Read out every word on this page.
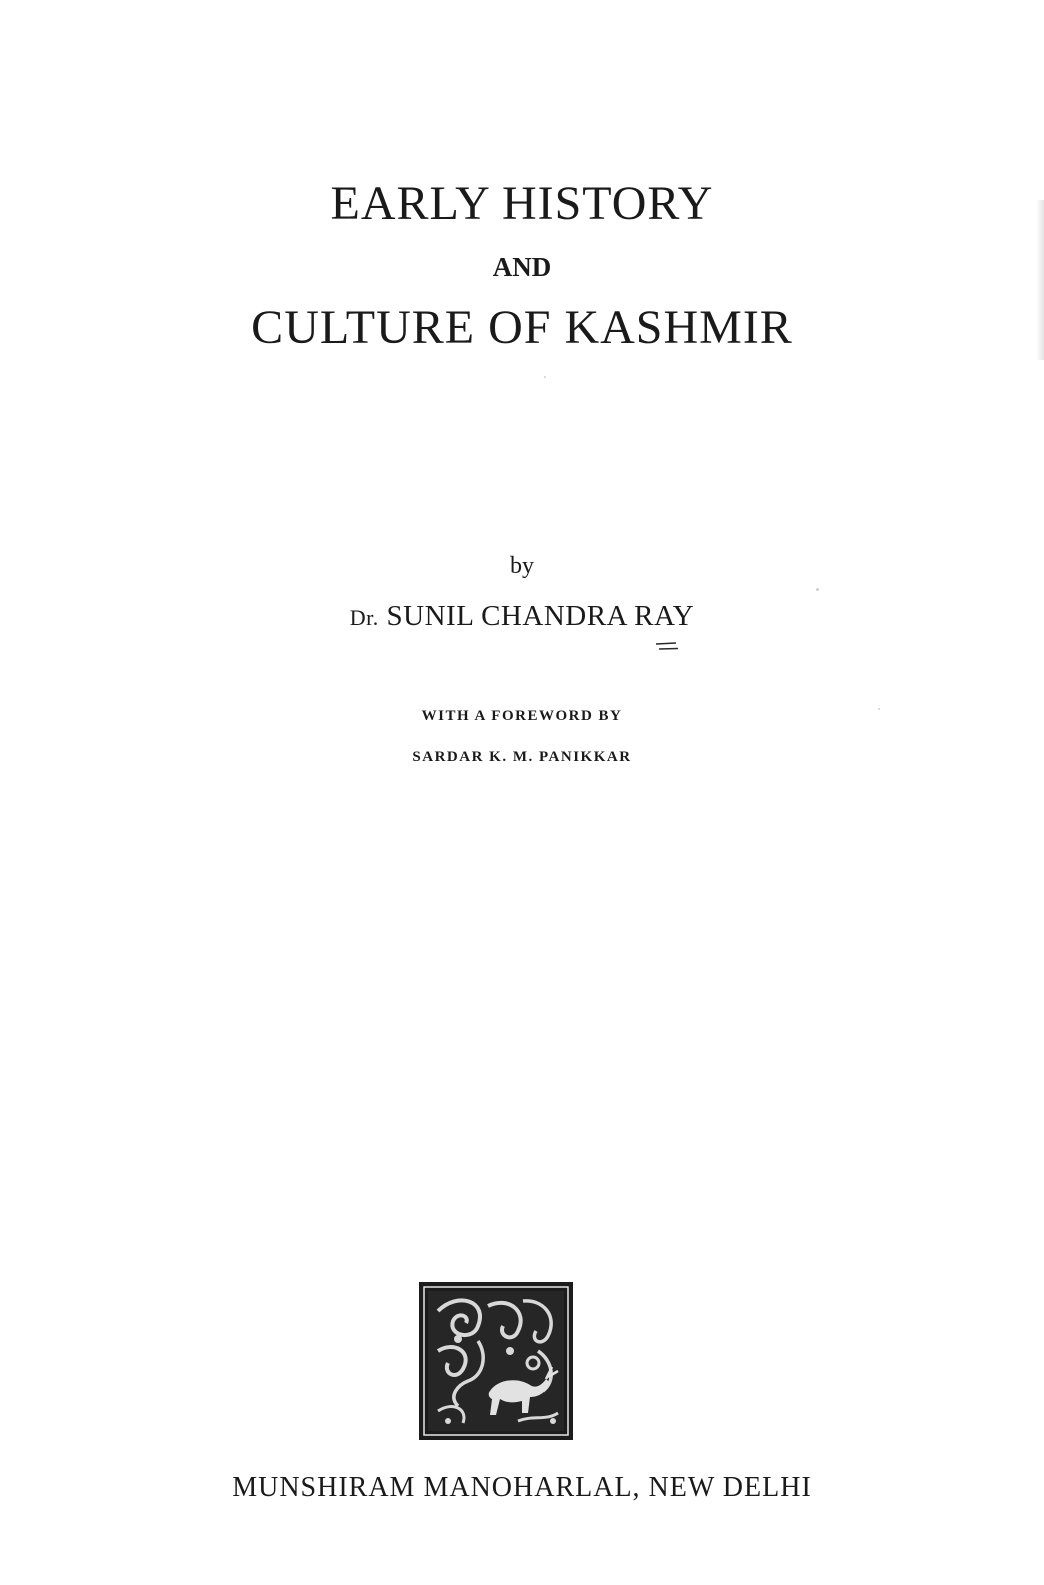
EARLY HISTORY
AND
CULTURE OF KASHMIR
by
Dr. SUNIL CHANDRA RAY
WITH A FOREWORD BY
SARDAR K. M. PANIKKAR
MUNSHIRAM MANOHARLAL, NEW DELHI
